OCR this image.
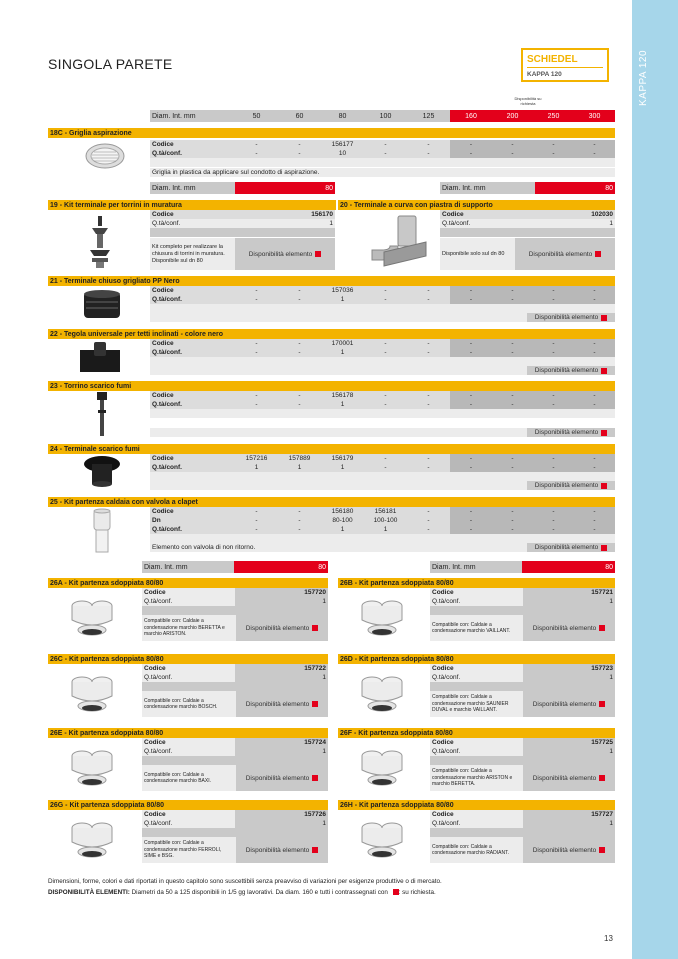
KAPPA 120
SINGOLA PARETE	SCHIEDEL
KAPPA 120
Disponibilità su richiesta
Diam. Int. mm	50	60	80	100	125	160	200	250	300
18C - Griglia aspirazione
Griglia in plastica da applicare sul condotto di aspirazione.
Diam. Int. mm	80	Diam. Int. mm	80
19 - Kit terminale per torrini in muratura	20 - Terminale a curva con piastra di supporto
Diam. Int. mm	80	Diam. Int. mm	80
Dimensioni, forme, colori e dati riportati in questo capitolo sono suscettibili senza preavviso di variazioni per esigenze produttive o di mercato.
DISPONIBILITÀ ELEMENTI: Diametri da 50 a 125 disponibili in 1/5 gg lavorativi. Da diam. 160 e tutti i contrassegnati con : su richiesta.
13
Codice	-	-	156177	-	-	-	-	-	-
Q.tà/conf.	-	-	10	-	-	-	-	-	-
Codice	156170
Q.tà/conf.	1
Kit completo per realizzare la chiusura di torrini in muratura. Disponibile sul dn 80
Disponibilità elemento
Codice	102030
Q.tà/conf.	1
Disponibile solo sul dn 80	Disponibilità elemento
21 - Terminale chiuso grigliato PP Nero
Codice	-	-	157036	-	-	-	-	-	-
Q.tà/conf.	-	-	1	-	-	-	-	-	-
Disponibilità elemento
22 - Tegola universale per tetti inclinati - colore nero
Codice	-	-	170001	-	-	-	-	-	-
Q.tà/conf.	-	-	1	-	-	-	-	-	-
Disponibilità elemento
23 - Torrino scarico fumi
Codice	-	-	156178	-	-	-	-	-	-
Q.tà/conf.	-	-	1	-	-	-	-	-	-
Disponibilità elemento
24 - Terminale scarico fumi
Codice	157216	157889	156179	-	-	-	-	-	-
Q.tà/conf.	1	1	1	-	-	-	-	-	-
Disponibilità elemento
25 - Kit partenza caldaia con valvola a clapet
Codice	-	-	156180	156181	-	-	-	-	-
Dn	-	-	80-100	100-100	-	-	-	-	-
Q.tà/conf.	-	-	1	1	-	-	-	-	-
Elemento con valvola di non ritorno.	Disponibilità elemento
26A - Kit partenza sdoppiata 80/80
Codice	157720
Q.tà/conf.	1
Compatibile con: Caldaie a condensazione marchio BERETTA e marchio ARISTON.
Disponibilità elemento
26B - Kit partenza sdoppiata 80/80
Codice	157721
Q.tà/conf.	1
Compatibile con: Caldaie a condensazione marchio VAILLANT.	Disponibilità elemento
26C - Kit partenza sdoppiata 80/80
Codice	157722
Q.tà/conf.	1
Compatibile con: Caldaie a condensazione marchio BOSCH.	Disponibilità elemento
26D - Kit partenza sdoppiata 80/80
Codice	157723
Q.tà/conf.	1
Compatibile con: Caldaie a condensazione marchio SAUNIER DUVAL e marchio VAILLANT.
Disponibilità elemento
26E - Kit partenza sdoppiata 80/80
Codice	157724
Q.tà/conf.	1
Compatibile con: Caldaie a condensazione marchio BAXI.	Disponibilità elemento
26F - Kit partenza sdoppiata 80/80
Codice	157725
Q.tà/conf.	1
Compatibile con: Caldaie a condensazione marchio ARISTON e marchio BERETTA.
Disponibilità elemento
26G - Kit partenza sdoppiata 80/80
Codice	157726
Q.tà/conf.	1
Compatibile con: Caldaie a condensazione marchio FERROLI, SIME e BSG.
Disponibilità elemento
26H - Kit partenza sdoppiata 80/80
Codice	157727
Q.tà/conf.	1
Compatibile con: Caldaie a condensazione marchio RADIANT.	Disponibilità elemento
